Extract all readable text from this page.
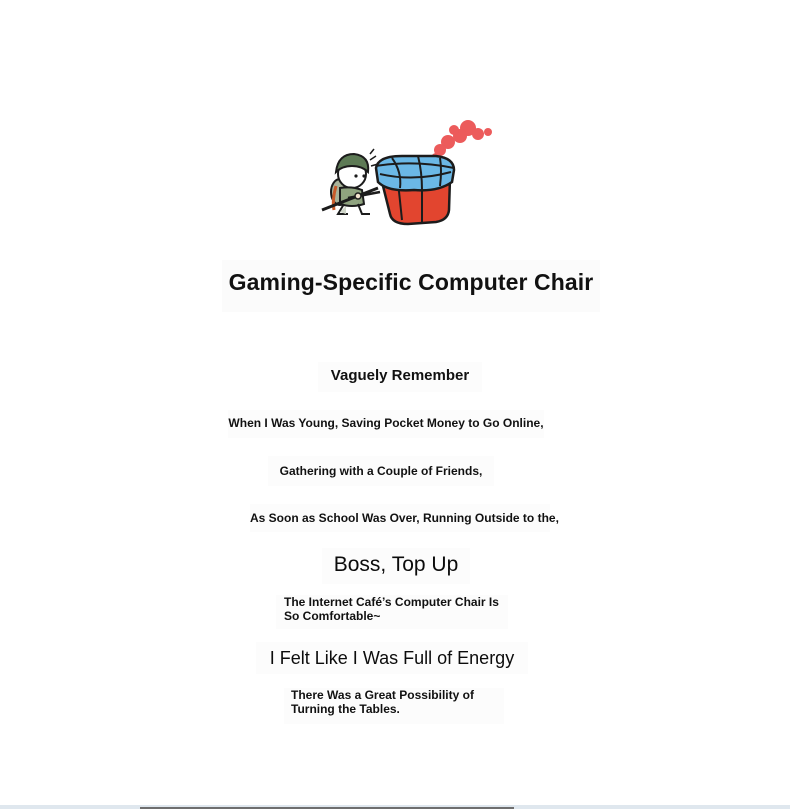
Gaming-Specific Computer Chair
Vaguely Remember
When I Was Young, Saving Pocket Money to Go Online,
Gathering with a Couple of Friends,
As Soon as School Was Over, Running Outside to the,
Boss, Top Up
The Internet Café’s Computer Chair Is So Comfortable~
I Felt Like I Was Full of Energy
There Was a Great Possibility of Turning the Tables.
